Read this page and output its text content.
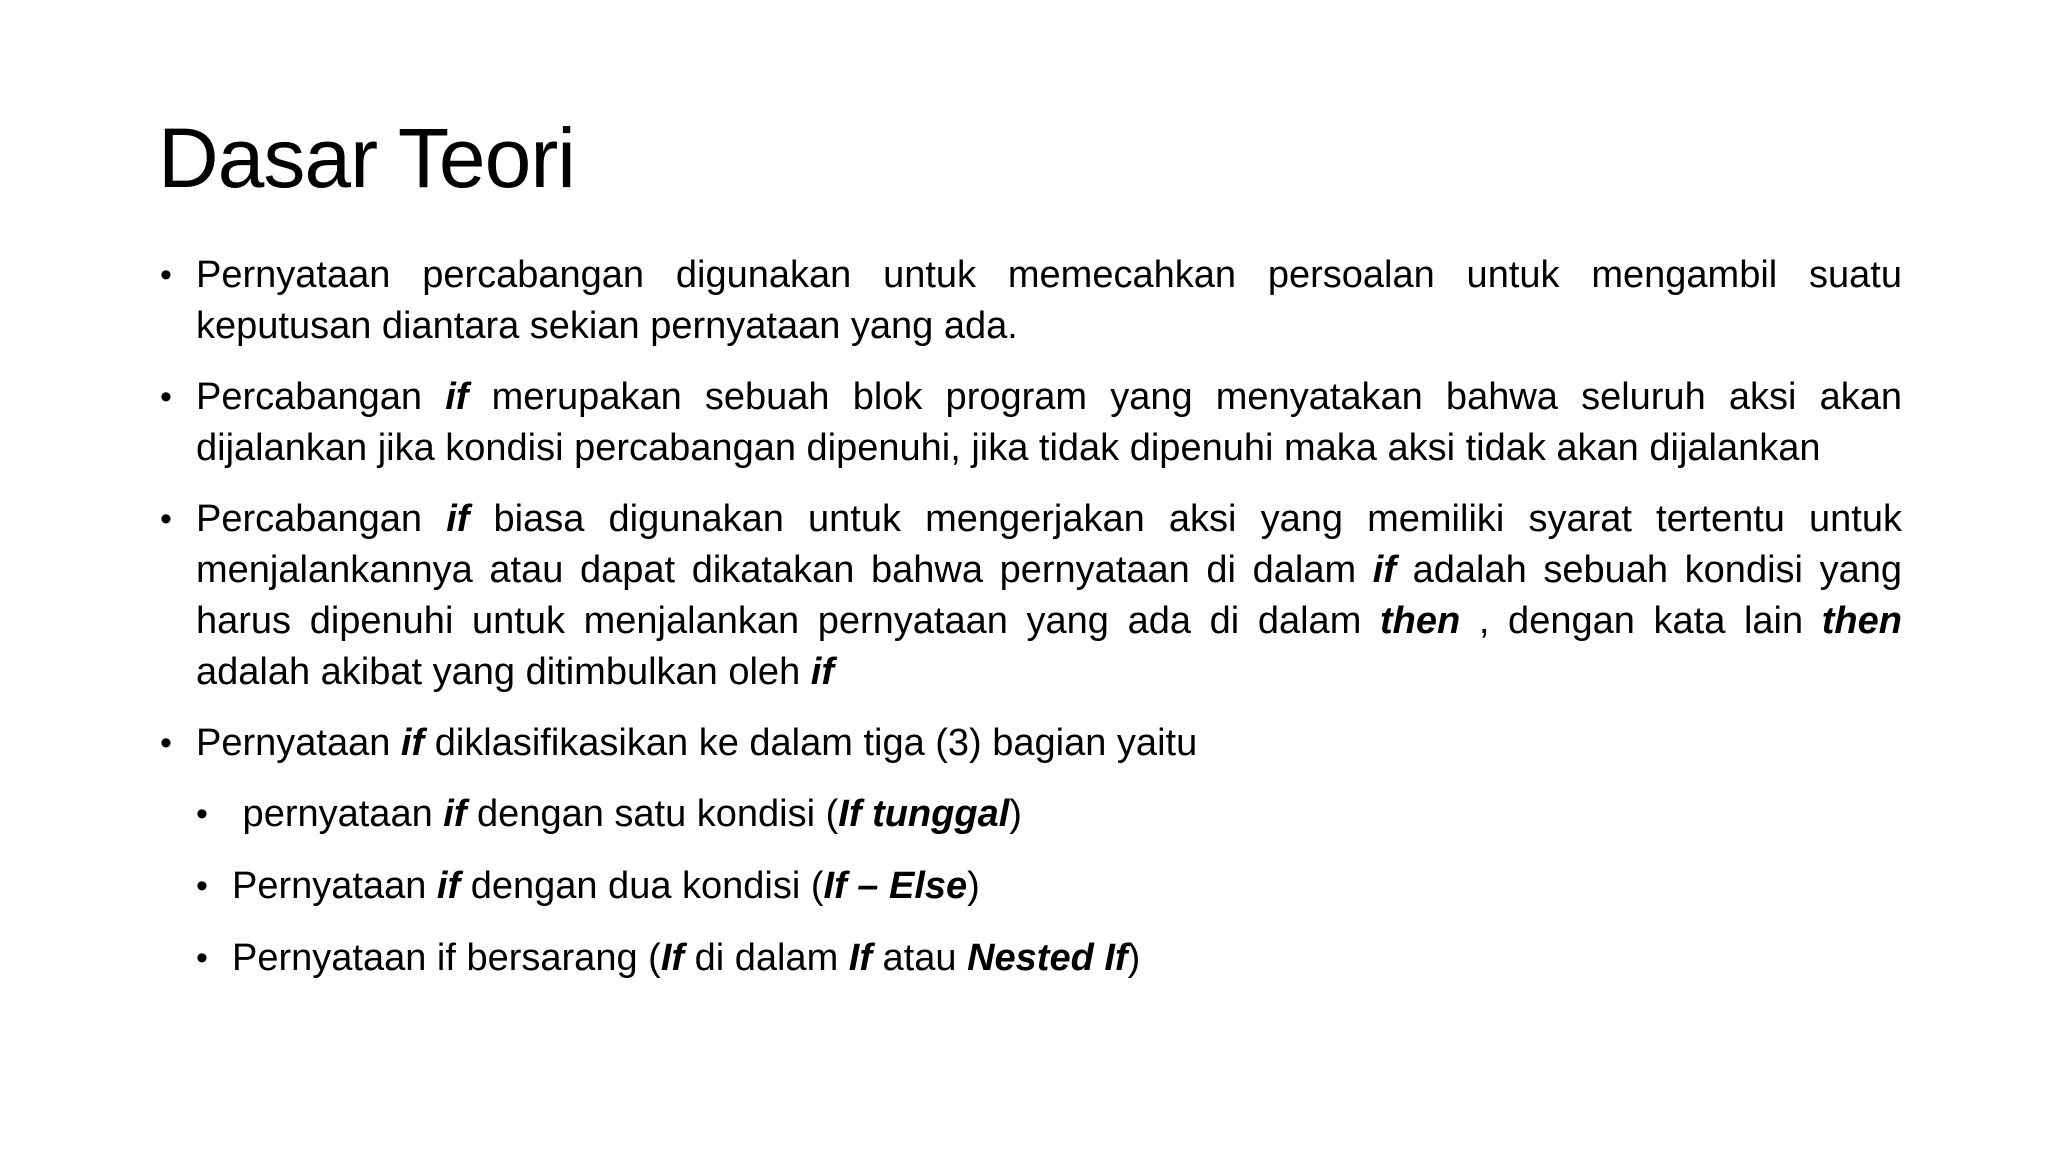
Dasar Teori
• Pernyataan percabangan digunakan untuk memecahkan persoalan untuk mengambil suatu keputusan diantara sekian pernyataan yang ada.
• Percabangan if merupakan sebuah blok program yang menyatakan bahwa seluruh aksi akan dijalankan jika kondisi percabangan dipenuhi, jika tidak dipenuhi maka aksi tidak akan dijalankan
• Percabangan if biasa digunakan untuk mengerjakan aksi yang memiliki syarat tertentu untuk menjalankannya atau dapat dikatakan bahwa pernyataan di dalam if adalah sebuah kondisi yang harus dipenuhi untuk menjalankan pernyataan yang ada di dalam then , dengan kata lain then adalah akibat yang ditimbulkan oleh if
• Pernyataan if diklasifikasikan ke dalam tiga (3) bagian yaitu
• pernyataan if dengan satu kondisi (If tunggal)
• Pernyataan if dengan dua kondisi (If – Else)
• Pernyataan if bersarang (If di dalam If atau Nested If)
